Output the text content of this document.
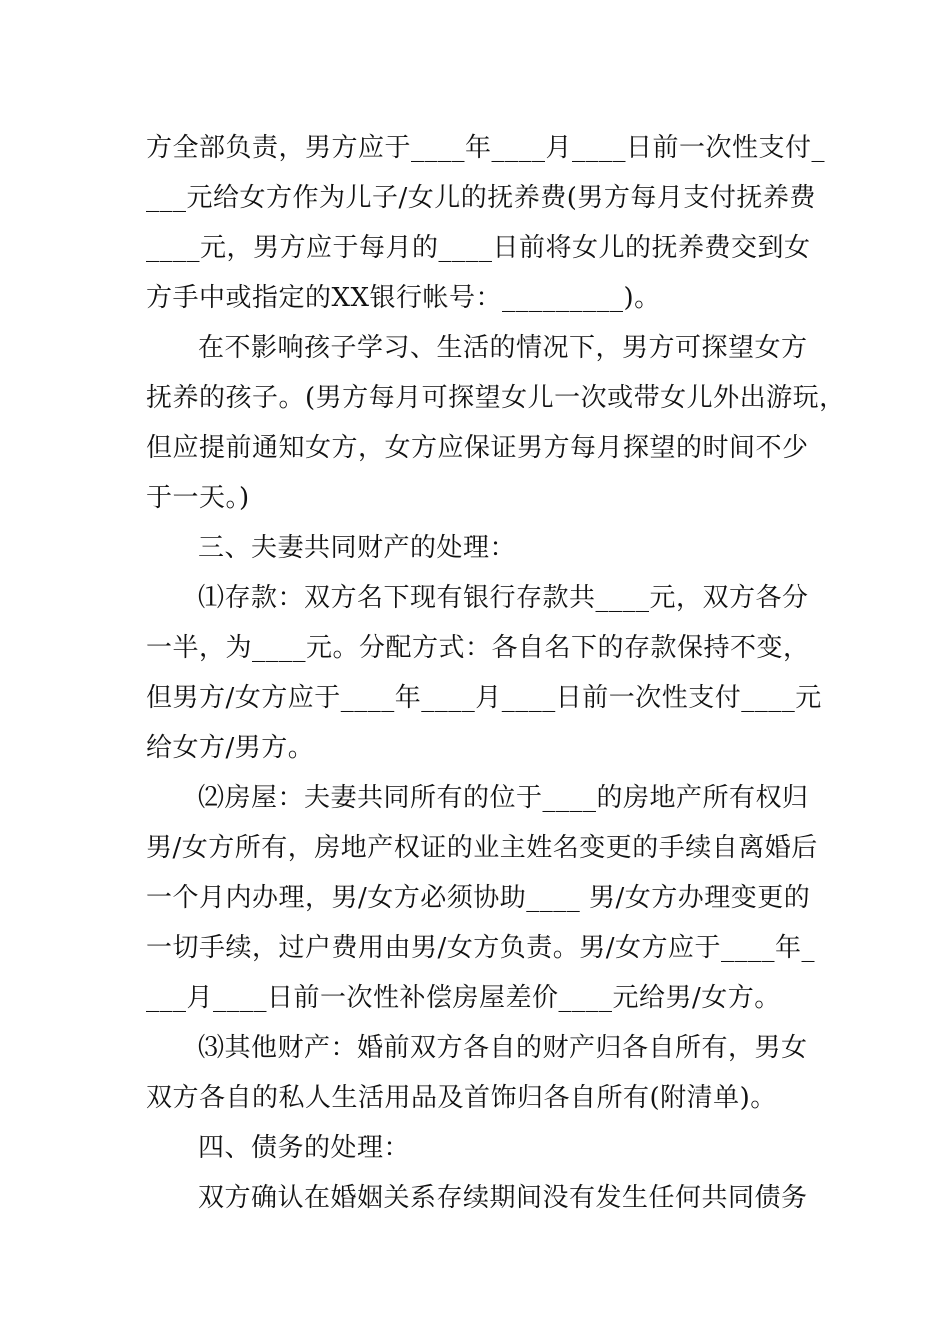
方全部负责，男方应于____年____月____日前一次性支付_
___元给女方作为儿子/女儿的抚养费(男方每月支付抚养费
____元，男方应于每月的____日前将女儿的抚养费交到女
方手中或指定的XX银行帐号：_________)。
在不影响孩子学习、生活的情况下，男方可探望女方
抚养的孩子。(男方每月可探望女儿一次或带女儿外出游玩，
但应提前通知女方，女方应保证男方每月探望的时间不少
于一天。)
三、夫妻共同财产的处理：
⑴存款：双方名下现有银行存款共____元，双方各分
一半，为____元。分配方式：各自名下的存款保持不变，
但男方/女方应于____年____月____日前一次性支付____元
给女方/男方。
⑵房屋：夫妻共同所有的位于____的房地产所有权归
男/女方所有，房地产权证的业主姓名变更的手续自离婚后
一个月内办理，男/女方必须协助____ 男/女方办理变更的
一切手续，过户费用由男/女方负责。男/女方应于____年_
___月____日前一次性补偿房屋差价____元给男/女方。
⑶其他财产：婚前双方各自的财产归各自所有，男女
双方各自的私人生活用品及首饰归各自所有(附清单)。
四、债务的处理：
双方确认在婚姻关系存续期间没有发生任何共同债务
